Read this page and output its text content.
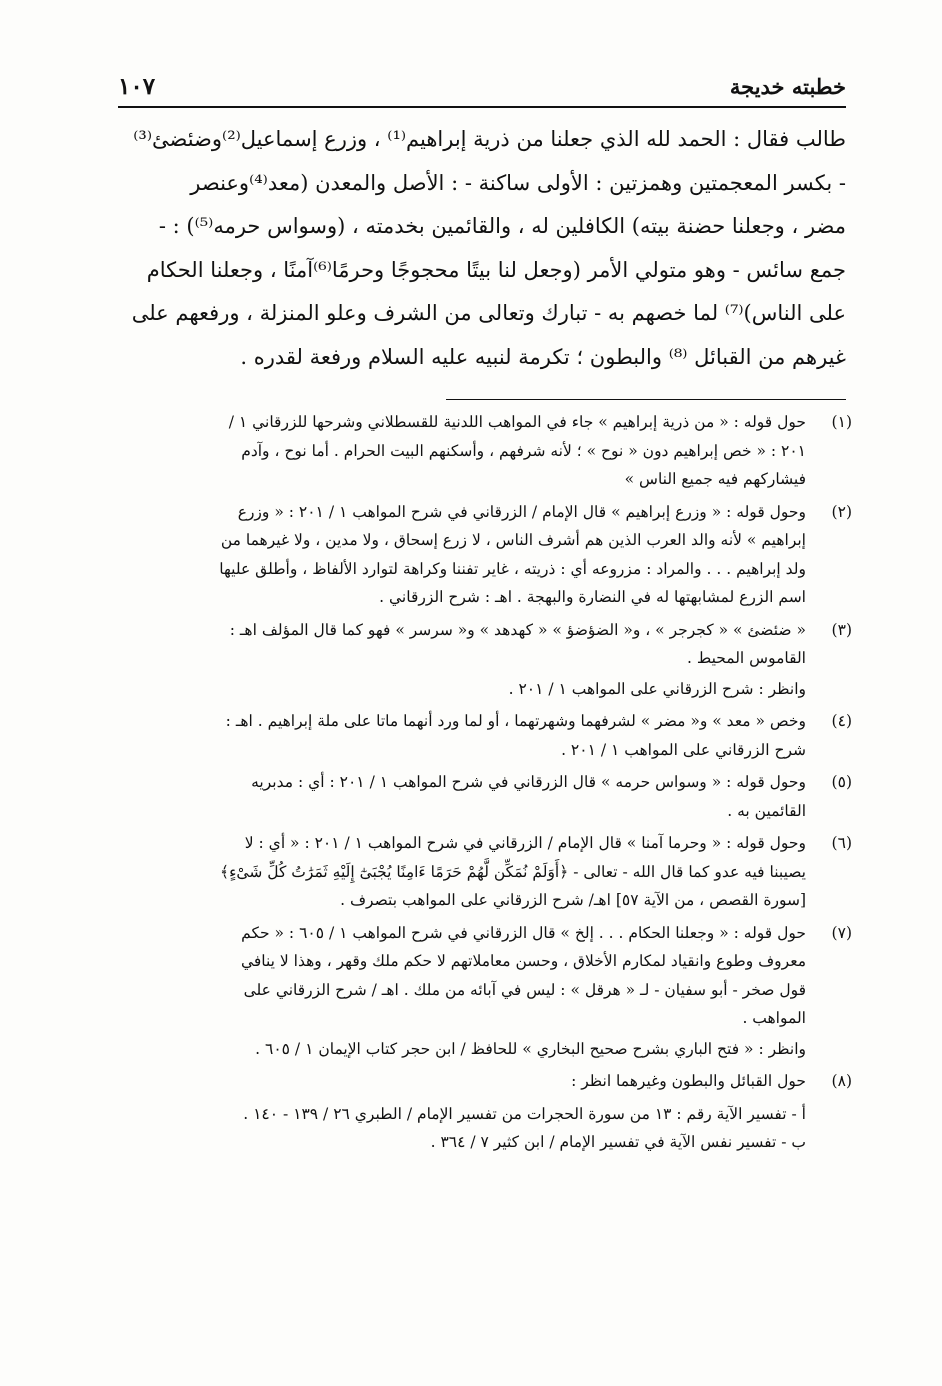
خطبته خديجة
١٠٧
طالب فقال : الحمد لله الذي جعلنا من ذرية إبراهيم⁽¹⁾ ، وزرع إسماعيل⁽²⁾وضئضئ⁽³⁾
- بكسر المعجمتين وهمزتين : الأولى ساكنة - : الأصل والمعدن (معد⁽⁴⁾وعنصر
مضر ، وجعلنا حضنة بيته) الكافلين له ، والقائمين بخدمته ، (وسواس حرمه⁽⁵⁾) : -
جمع سائس - وهو متولي الأمر (وجعل لنا بيتًا محجوجًا وحرمًا⁽⁶⁾آمنًا ، وجعلنا الحكام
على الناس)⁽⁷⁾ لما خصهم به - تبارك وتعالى من الشرف وعلو المنزلة ، ورفعهم على
غيرهم من القبائل ⁽⁸⁾ والبطون ؛ تكرمة لنبيه عليه السلام ورفعة لقدره .
(١)
حول قوله : « من ذرية إبراهيم » جاء في المواهب اللدنية للقسطلاني وشرحها للزرقاني ١ /
٢٠١ : « خص إبراهيم دون « نوح » ؛ لأنه شرفهم ، وأسكنهم البيت الحرام . أما نوح ، وآدم
فيشاركهم فيه جميع الناس »
(٢)
وحول قوله : « وزرع إبراهيم » قال الإمام / الزرقاني في شرح المواهب ١ / ٢٠١ : « وزرع
إبراهيم » لأنه والد العرب الذين هم أشرف الناس ، لا زرع إسحاق ، ولا مدين ، ولا غيرهما من
ولد إبراهيم . . . والمراد : مزروعه أي : ذريته ، غاير تفننا وكراهة لتوارد الألفاظ ، وأطلق عليها
اسم الزرع لمشابهتها له في النضارة والبهجة . اهـ : شرح الزرقاني .
(٣)
« ضئضئ » « كجرجر » ، و« الضؤضؤ » « كهدهد » و« سرسر » فهو كما قال المؤلف اهـ :
القاموس المحيط .
وانظر : شرح الزرقاني على المواهب ١ / ٢٠١ .
(٤)
وخص « معد » و« مضر » لشرفهما وشهرتهما ، أو لما ورد أنهما ماتا على ملة إبراهيم . اهـ :
شرح الزرقاني على المواهب ١ / ٢٠١ .
(٥)
وحول قوله : « وسواس حرمه » قال الزرقاني في شرح المواهب ١ / ٢٠١ : أي : مدبريه
القائمين به .
(٦)
وحول قوله : « وحرما آمنا » قال الإمام / الزرقاني في شرح المواهب ١ / ٢٠١ : « أي : لا
يصيبنا فيه عدو كما قال الله - تعالى - ﴿أَوَلَمْ نُمَكِّن لَّهُمْ حَرَمًا ءَامِنًا يُجْبَىٰٓ إِلَيْهِ ثَمَرَٰتُ كُلِّ شَىْءٍ﴾
[سورة القصص ، من الآية ٥٧] اهـ/ شرح الزرقاني على المواهب بتصرف .
(٧)
حول قوله : « وجعلنا الحكام . . . إلخ » قال الزرقاني في شرح المواهب ١ / ٦٠٥ : « حكم
معروف وطوع وانقياد لمكارم الأخلاق ، وحسن معاملاتهم لا حكم ملك وقهر ، وهذا لا ينافي
قول صخر - أبو سفيان - لـ « هرقل » : ليس في آبائه من ملك . اهـ / شرح الزرقاني على
المواهب .
وانظر : « فتح الباري بشرح صحيح البخاري » للحافظ / ابن حجر كتاب الإيمان ١ / ٦٠٥ .
(٨)
حول القبائل والبطون وغيرهما انظر :
أ - تفسير الآية رقم : ١٣ من سورة الحجرات من تفسير الإمام / الطبري ٢٦ / ١٣٩ - ١٤٠ .
ب - تفسير نفس الآية في تفسير الإمام / ابن كثير ٧ / ٣٦٤ .
